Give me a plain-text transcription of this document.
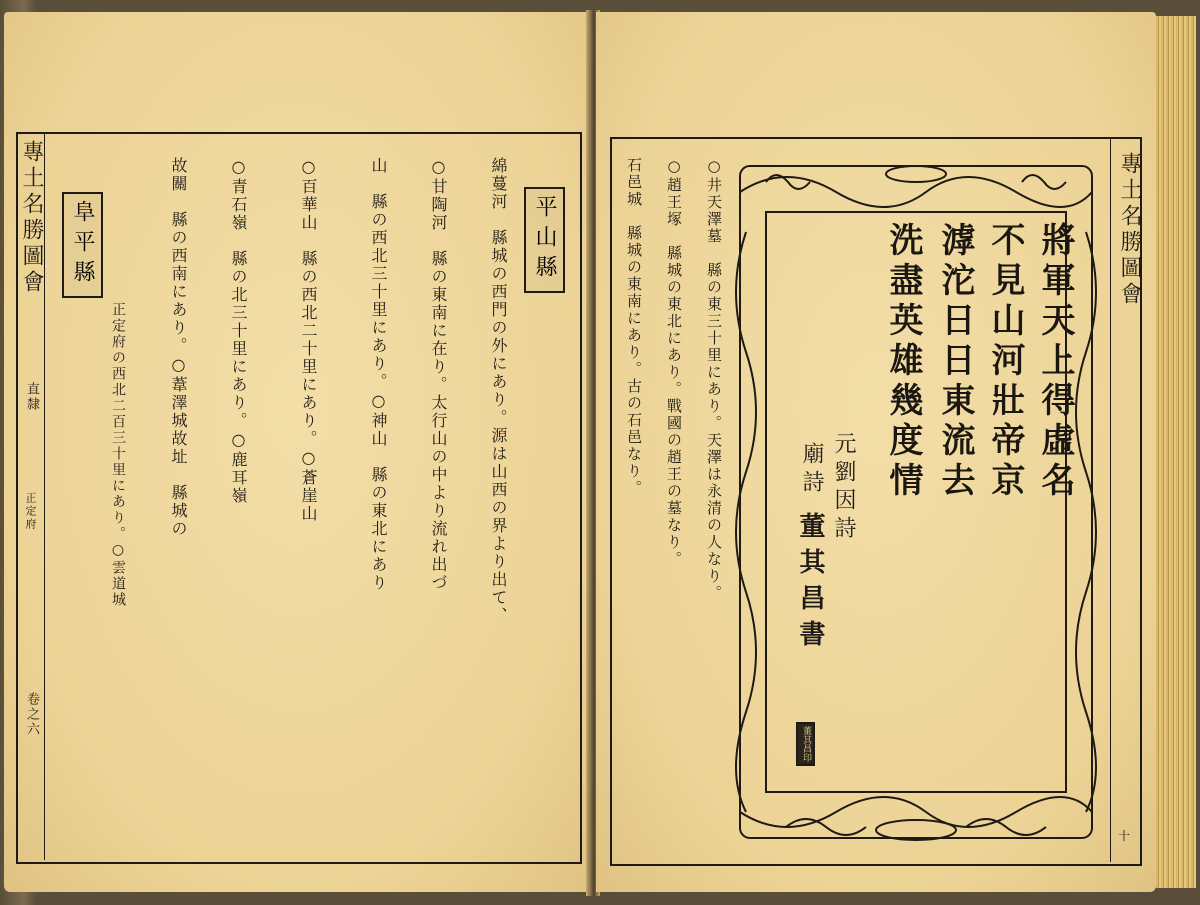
專土名勝圖會
直隸
正定府
卷之六
阜平縣	平山縣
綿蔓河　縣城の西門の外にあり。源は山西の界より出て、
○甘陶河　縣の東南に在り。太行山の中より流れ出づ
山　縣の西北三十里にあり。○神山　縣の東北にあり
○百華山　縣の西北二十里にあり。○蒼崖山
○青石嶺　縣の北三十里にあり。○鹿耳嶺
故關　縣の西南にあり。○葦澤城故址　縣城の
正定府の西北二百三十里にあり。○雲道城
專土名勝圖會
十
石邑城　縣城の東南にあり。古の石邑なり。	○趙王塚　縣城の東北にあり。戰國の趙王の墓なり。	○井天澤墓　縣の東三十里にあり。天澤は永清の人なり。	將軍天上得虛名
不見山河壯帝京
滹沱日日東流去
洗盡英雄幾度情
元劉因詩
廟詩
董其昌書
董其昌印
